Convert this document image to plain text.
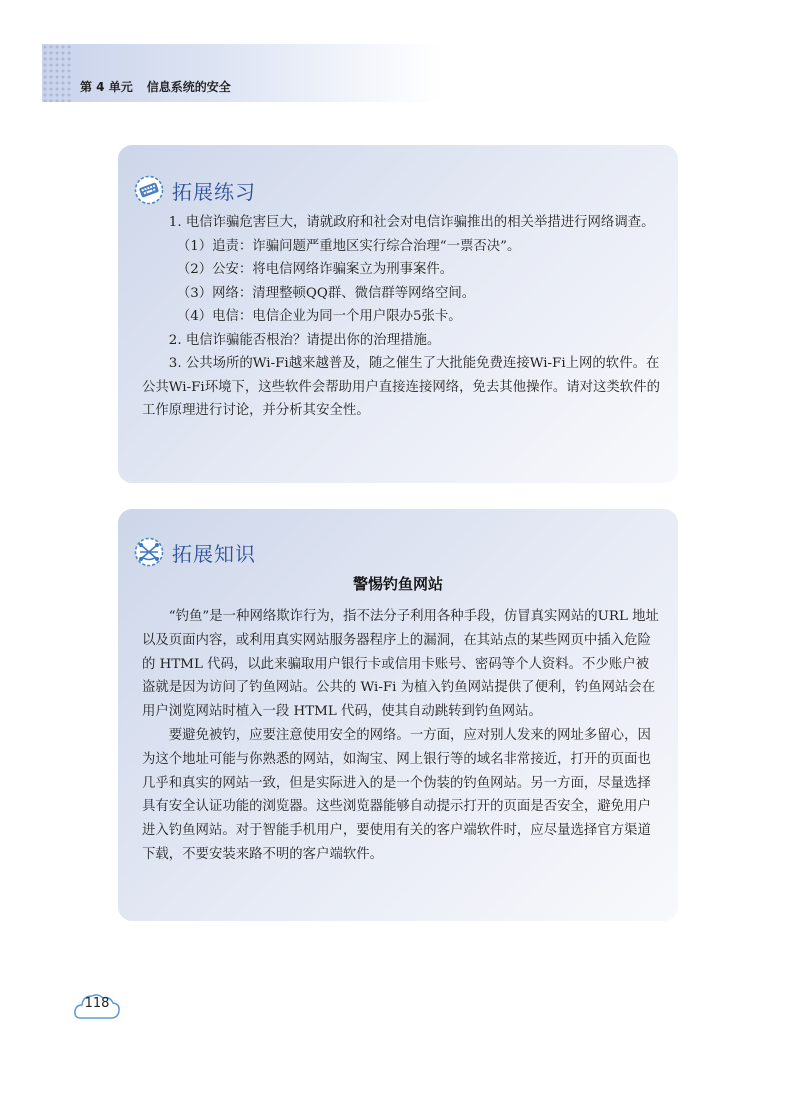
第 4 单元 信息系统的安全
拓展练习

1. 电信诈骗危害巨大，请就政府和社会对电信诈骗推出的相关举措进行网络调查。

（1）追责：诈骗问题严重地区实行综合治理“一票否决”。

（2）公安：将电信网络诈骗案立为刑事案件。

（3）网络：清理整顿QQ群、微信群等网络空间。

（4）电信：电信企业为同一个用户限办5张卡。

2. 电信诈骗能否根治？请提出你的治理措施。

3. 公共场所的Wi-Fi越来越普及，随之催生了大批能免费连接Wi-Fi上网的软件。在公共Wi-Fi环境下，这些软件会帮助用户直接连接网络，免去其他操作。请对这类软件的工作原理进行讨论，并分析其安全性。

拓展知识
警惕钓鱼网站

“钓鱼”是一种网络欺诈行为，指不法分子利用各种手段，仿冒真实网站的URL 地址以及页面内容，或利用真实网站服务器程序上的漏洞，在其站点的某些网页中插入危险的 HTML 代码，以此来骗取用户银行卡或信用卡账号、密码等个人资料。不少账户被盗就是因为访问了钓鱼网站。公共的 Wi-Fi 为植入钓鱼网站提供了便利，钓鱼网站会在用户浏览网站时植入一段 HTML 代码，使其自动跳转到钓鱼网站。

要避免被钓，应要注意使用安全的网络。一方面，应对别人发来的网址多留心，因为这个地址可能与你熟悉的网站，如淘宝、网上银行等的域名非常接近，打开的页面也几乎和真实的网站一致，但是实际进入的是一个伪装的钓鱼网站。另一方面，尽量选择具有安全认证功能的浏览器。这些浏览器能够自动提示打开的页面是否安全，避免用户进入钓鱼网站。对于智能手机用户，要使用有关的客户端软件时，应尽量选择官方渠道下载，不要安装来路不明的客户端软件。

118
